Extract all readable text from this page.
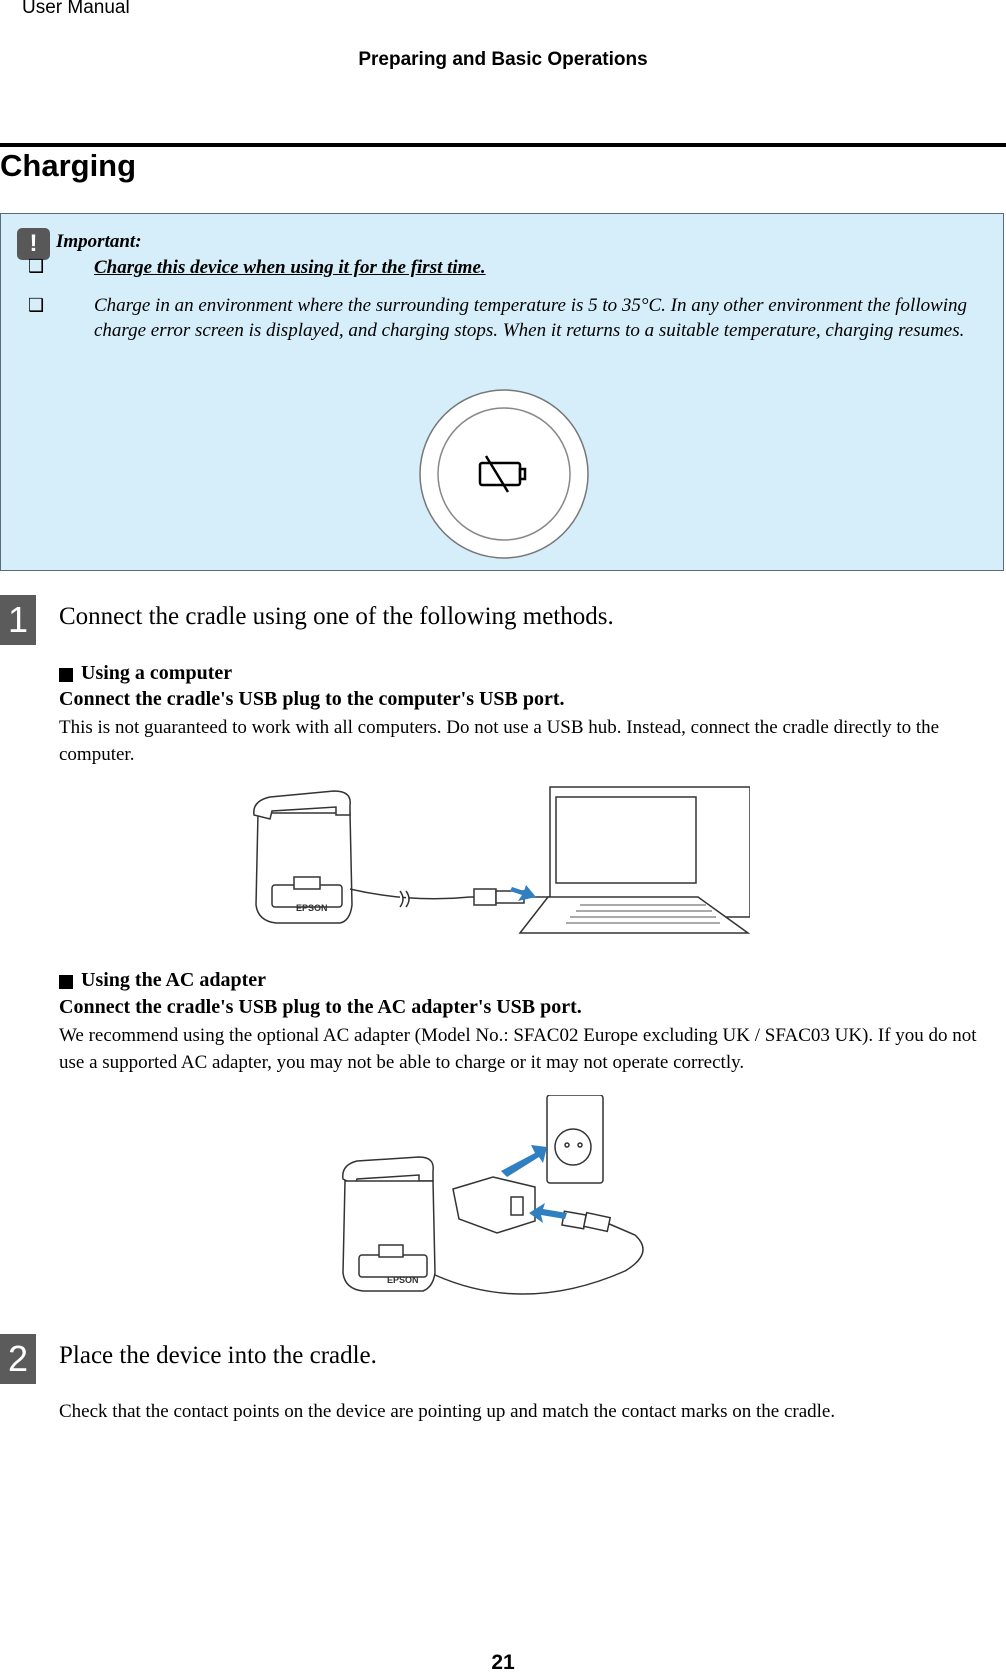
User Manual
Preparing and Basic Operations
Charging
! Important:
❑	Charge this device when using it for the first time.
❑	Charge in an environment where the surrounding temperature is 5 to 35°C. In any other environment the following charge error screen is displayed, and charging stops. When it returns to a suitable temperature, charging resumes.
1	Connect the cradle using one of the following methods.
Using a computer
Connect the cradle's USB plug to the computer's USB port.
This is not guaranteed to work with all computers. Do not use a USB hub. Instead, connect the cradle directly to the computer.
EPSON
Using the AC adapter
Connect the cradle's USB plug to the AC adapter's USB port.
We recommend using the optional AC adapter (Model No.: SFAC02 Europe excluding UK / SFAC03 UK). If you do not use a supported AC adapter, you may not be able to charge or it may not operate correctly.
EPSON
2	Place the device into the cradle.
Check that the contact points on the device are pointing up and match the contact marks on the cradle.
21
